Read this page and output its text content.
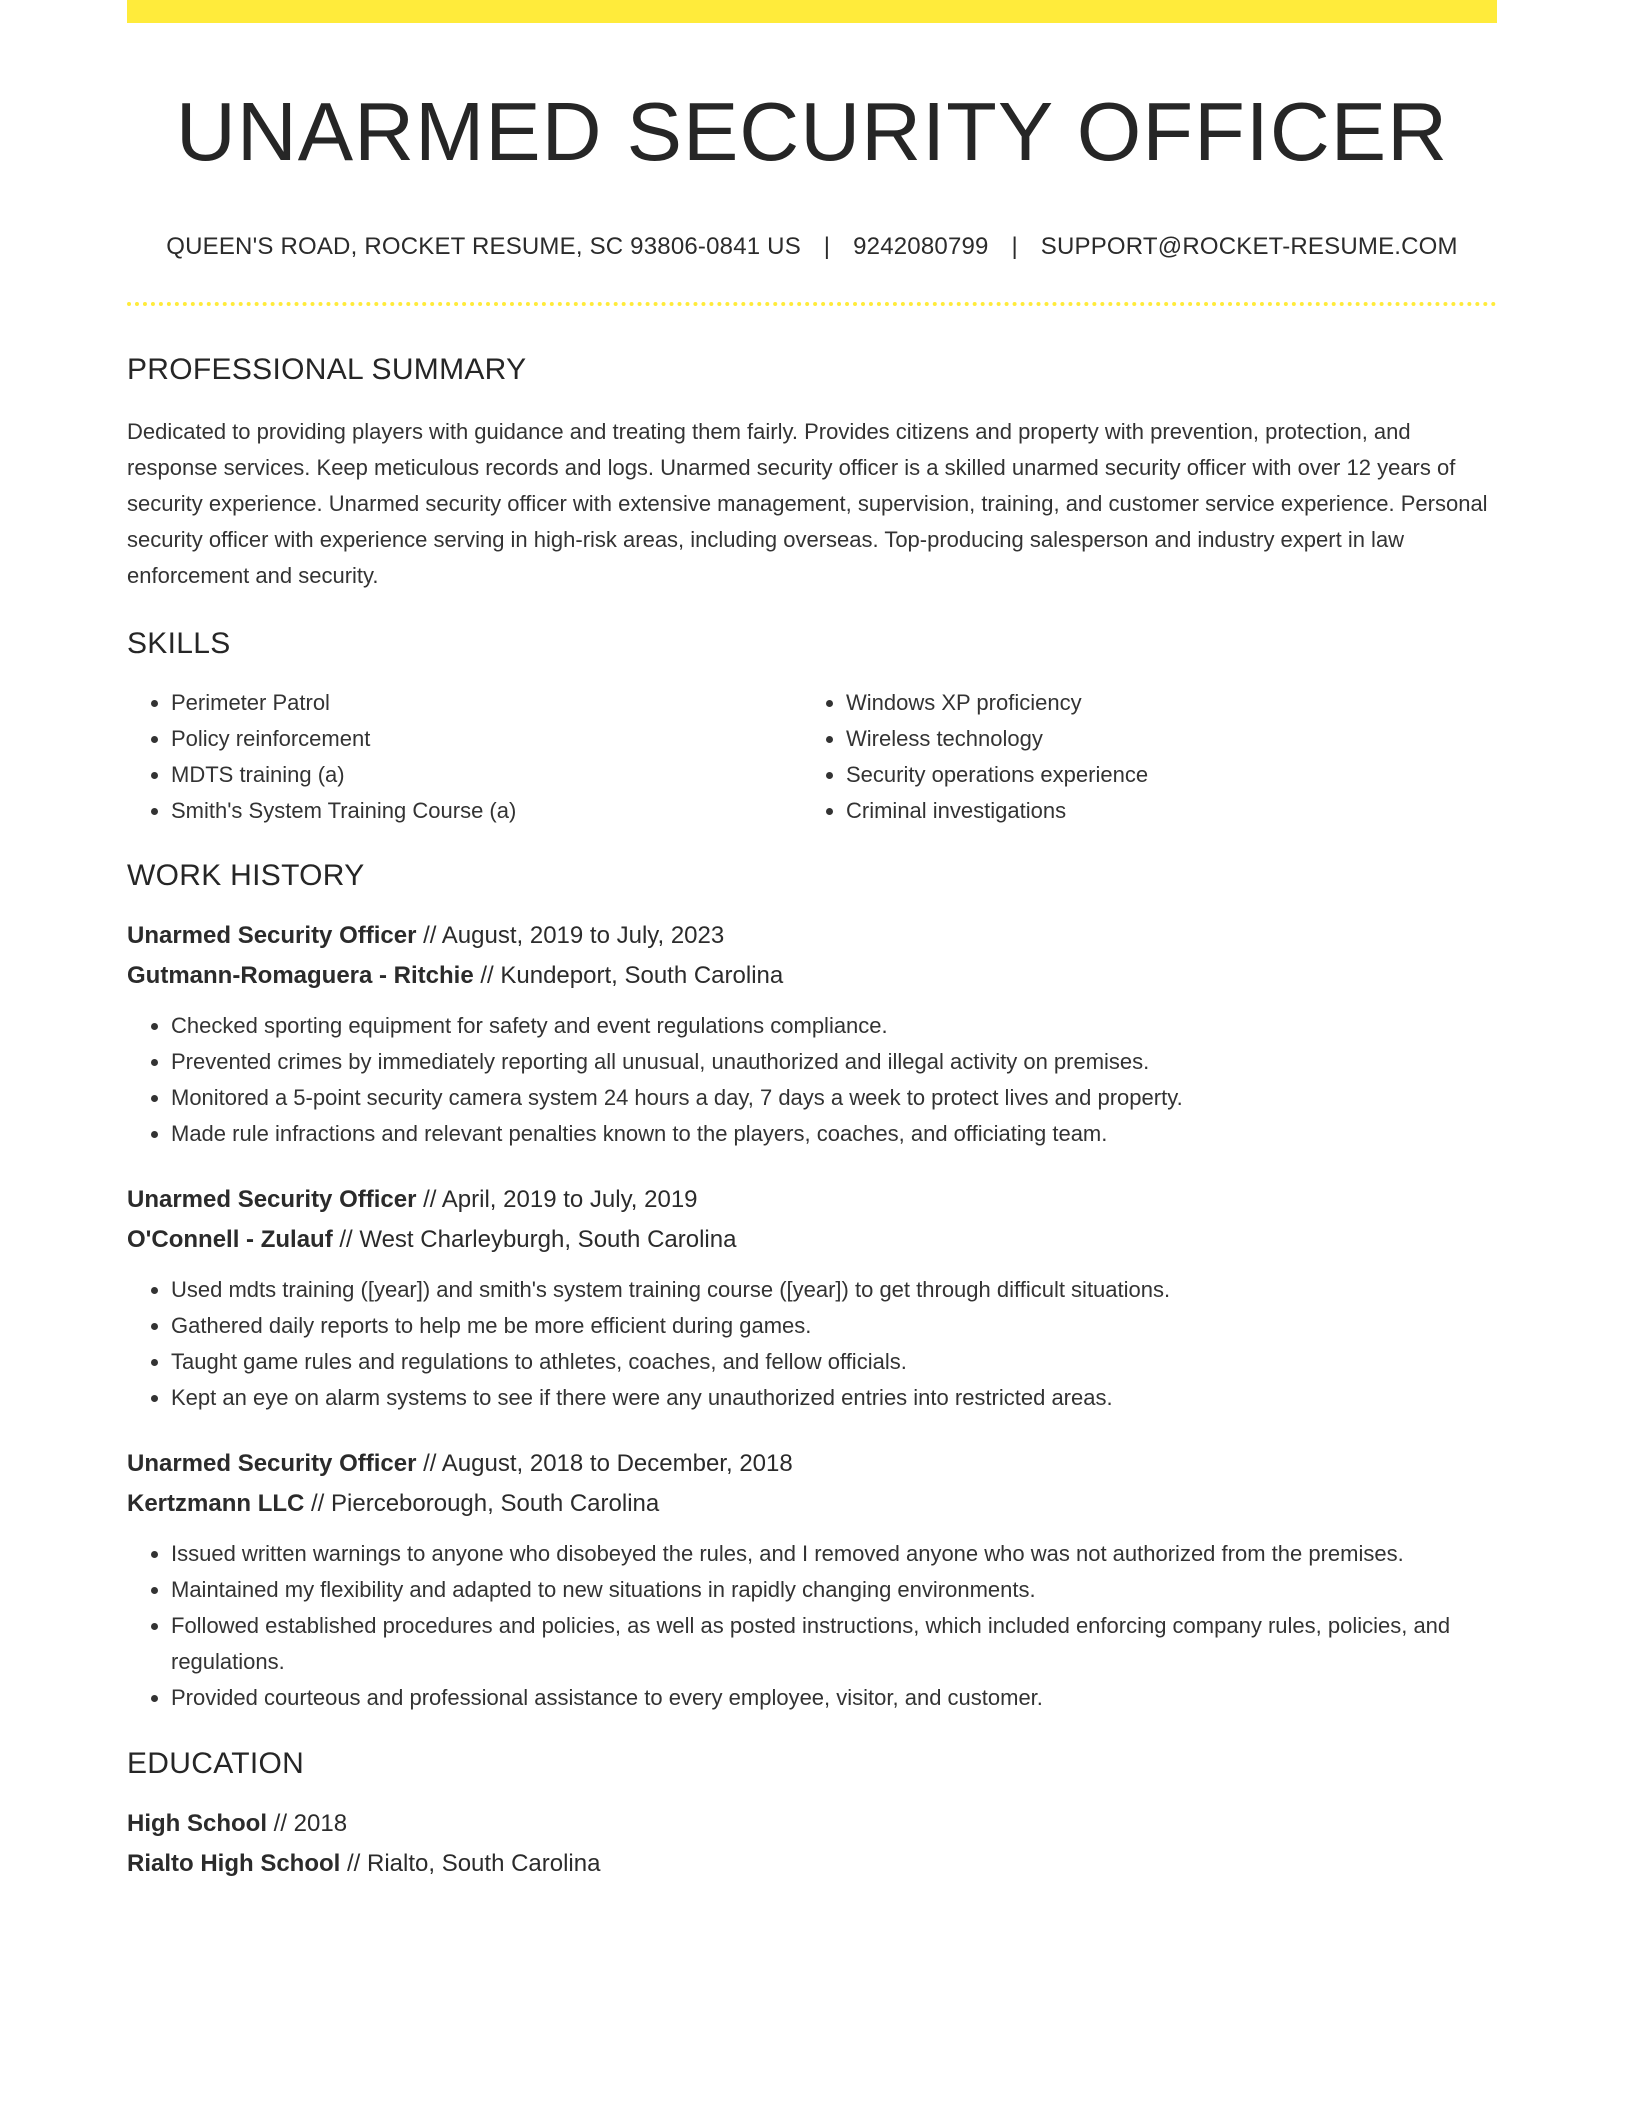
UNARMED SECURITY OFFICER
QUEEN'S ROAD, ROCKET RESUME, SC 93806-0841 US | 9242080799 | SUPPORT@ROCKET-RESUME.COM
PROFESSIONAL SUMMARY
Dedicated to providing players with guidance and treating them fairly. Provides citizens and property with prevention, protection, and response services. Keep meticulous records and logs. Unarmed security officer is a skilled unarmed security officer with over 12 years of security experience. Unarmed security officer with extensive management, supervision, training, and customer service experience. Personal security officer with experience serving in high-risk areas, including overseas. Top-producing salesperson and industry expert in law enforcement and security.
SKILLS
• Perimeter Patrol
• Policy reinforcement
• MDTS training (a)
• Smith's System Training Course (a)
• Windows XP proficiency
• Wireless technology
• Security operations experience
• Criminal investigations
WORK HISTORY
Unarmed Security Officer // August, 2019 to July, 2023
Gutmann-Romaguera - Ritchie // Kundeport, South Carolina
• Checked sporting equipment for safety and event regulations compliance.
• Prevented crimes by immediately reporting all unusual, unauthorized and illegal activity on premises.
• Monitored a 5-point security camera system 24 hours a day, 7 days a week to protect lives and property.
• Made rule infractions and relevant penalties known to the players, coaches, and officiating team.
Unarmed Security Officer // April, 2019 to July, 2019
O'Connell - Zulauf // West Charleyburgh, South Carolina
• Used mdts training ([year]) and smith's system training course ([year]) to get through difficult situations.
• Gathered daily reports to help me be more efficient during games.
• Taught game rules and regulations to athletes, coaches, and fellow officials.
• Kept an eye on alarm systems to see if there were any unauthorized entries into restricted areas.
Unarmed Security Officer // August, 2018 to December, 2018
Kertzmann LLC // Pierceborough, South Carolina
• Issued written warnings to anyone who disobeyed the rules, and I removed anyone who was not authorized from the premises.
• Maintained my flexibility and adapted to new situations in rapidly changing environments.
• Followed established procedures and policies, as well as posted instructions, which included enforcing company rules, policies, and regulations.
• Provided courteous and professional assistance to every employee, visitor, and customer.
EDUCATION
High School // 2018
Rialto High School // Rialto, South Carolina
